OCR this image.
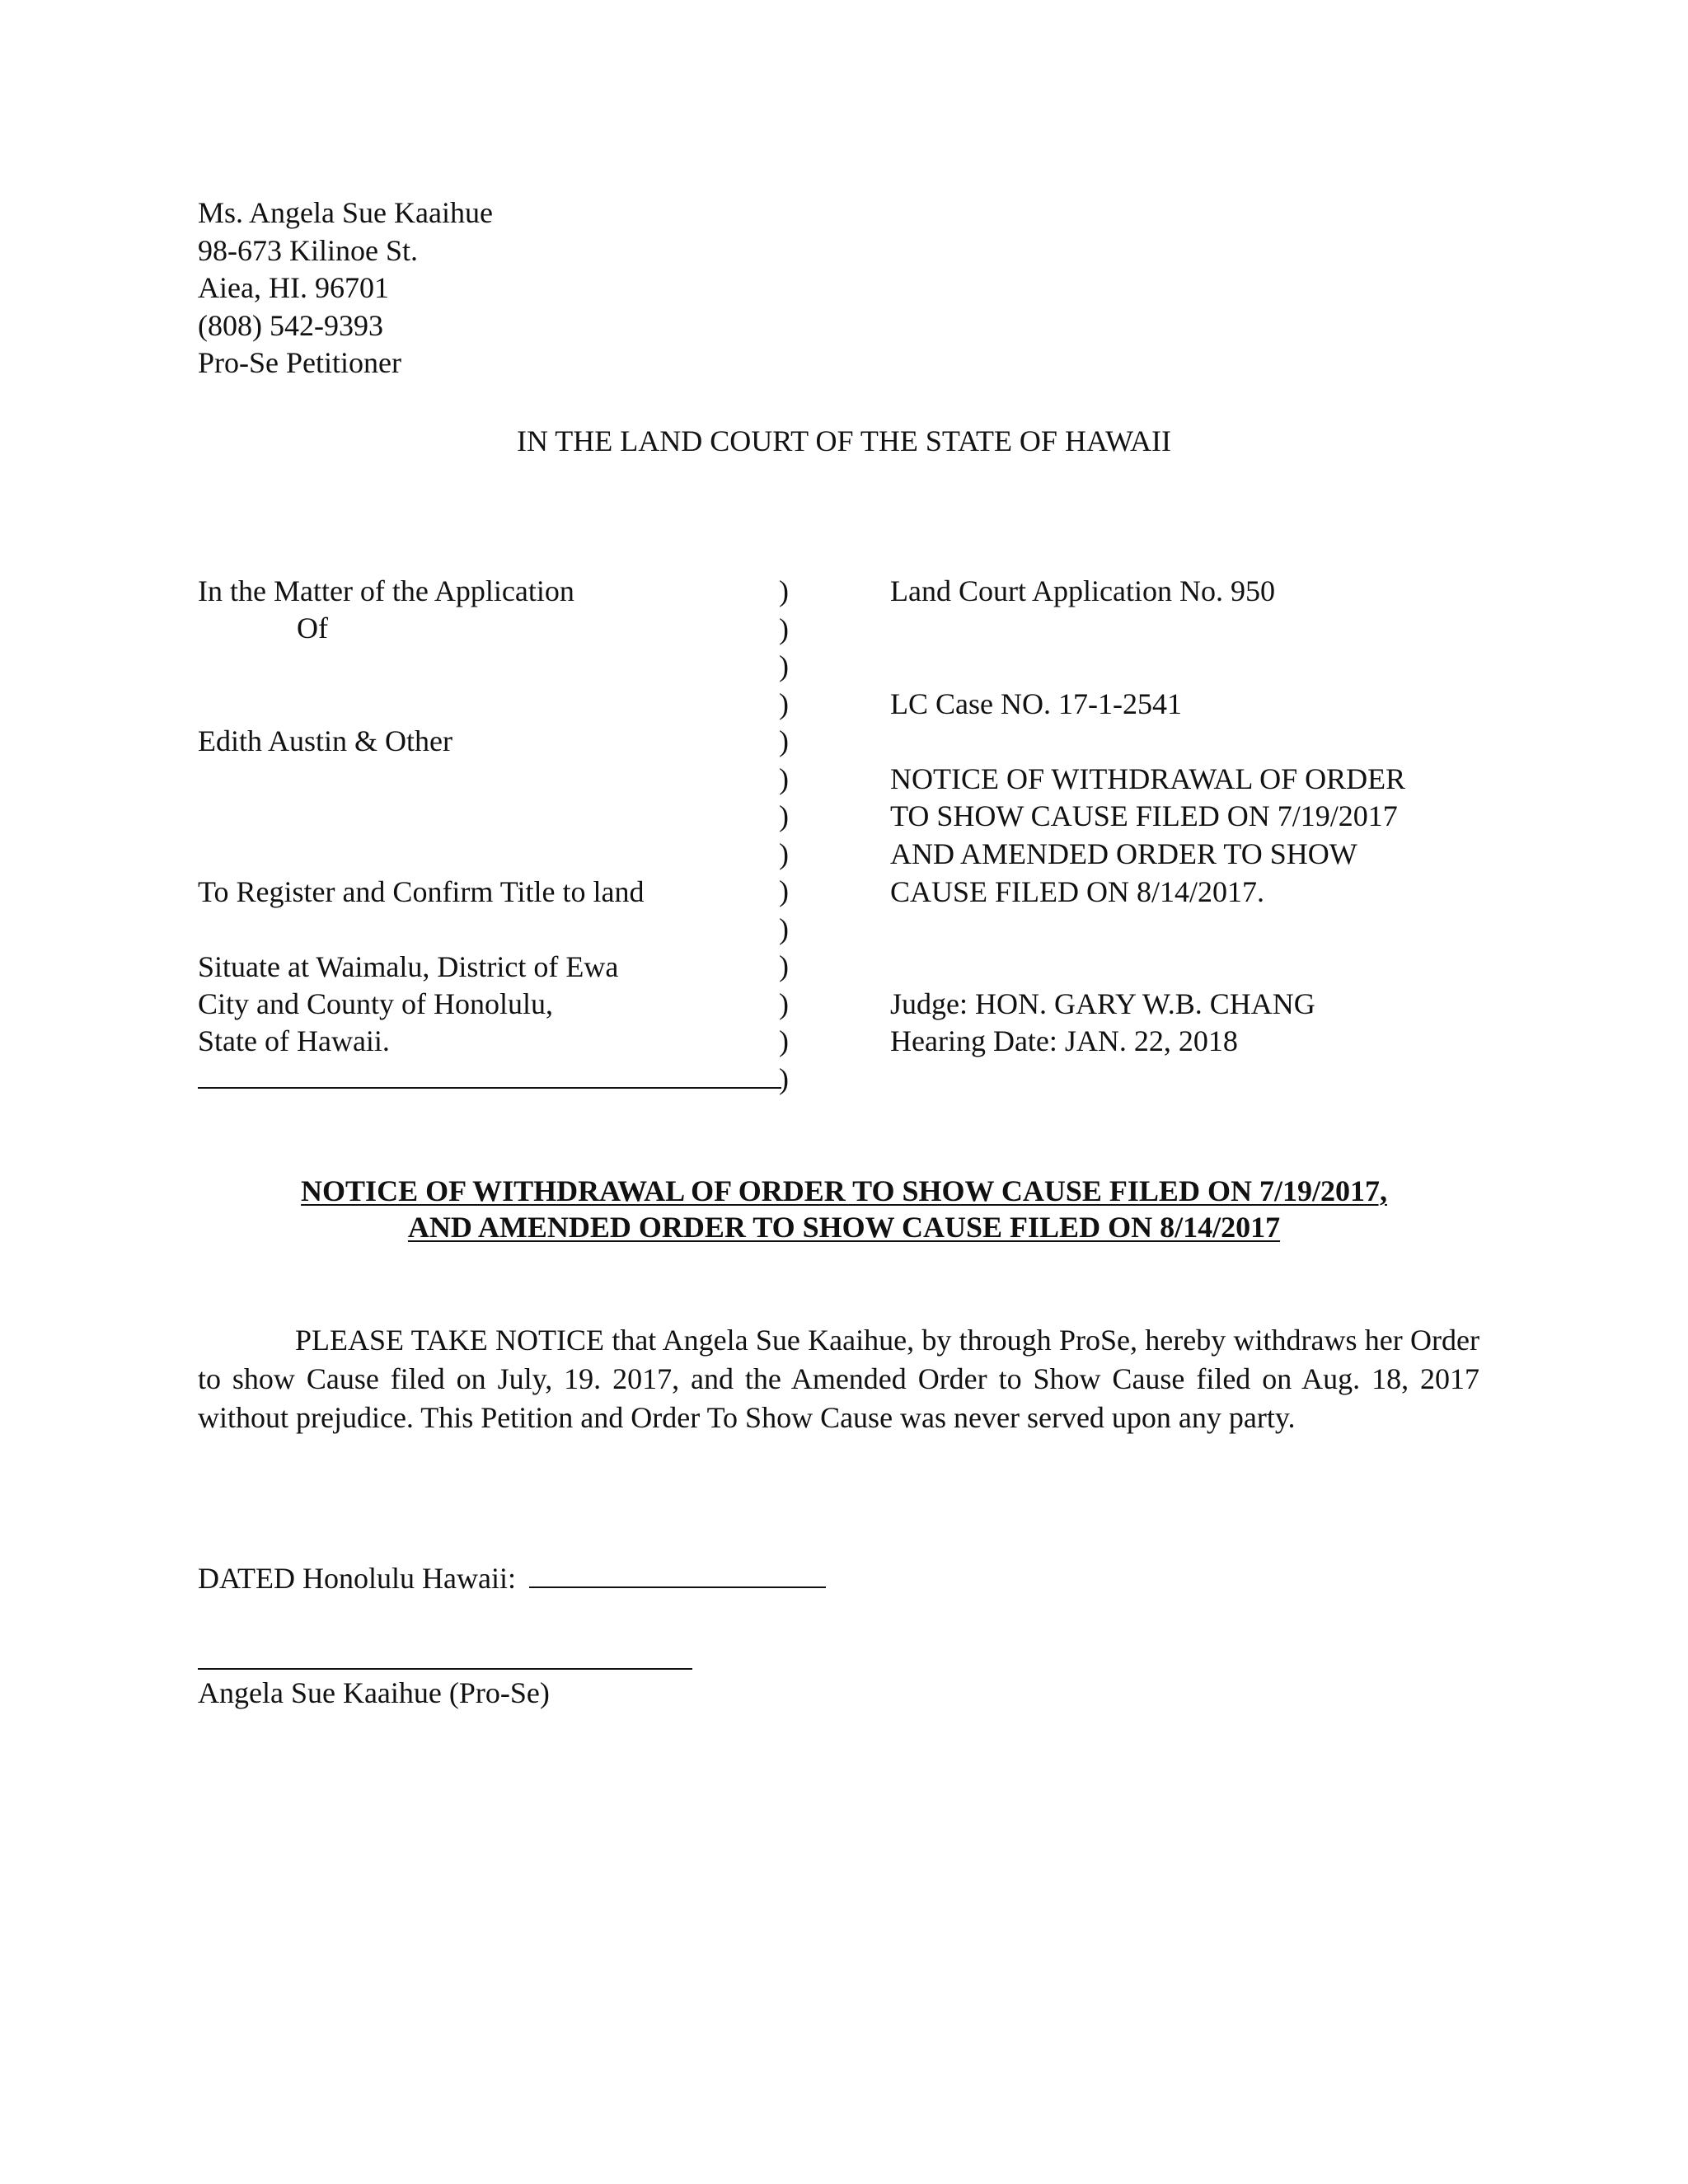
Ms. Angela Sue Kaaihue
98-673 Kilinoe St.
Aiea, HI. 96701
(808) 542-9393
Pro-Se Petitioner
IN THE LAND COURT OF THE STATE OF HAWAII
In the Matter of the Application
Of
Edith Austin & Other
To Register and Confirm Title to land
Situate at Waimalu, District of Ewa
City and County of Honolulu,
State of Hawaii.
)
)
)
)
)
)
)
)
)
)
)
)
)
)
Land Court Application No. 950
LC Case NO. 17-1-2541
NOTICE OF WITHDRAWAL OF ORDER
TO SHOW CAUSE FILED ON 7/19/2017
AND AMENDED ORDER TO SHOW
CAUSE FILED ON 8/14/2017.
Judge: HON. GARY W.B. CHANG
Hearing Date: JAN. 22, 2018
NOTICE OF WITHDRAWAL OF ORDER TO SHOW CAUSE FILED ON 7/19/2017,
AND AMENDED ORDER TO SHOW CAUSE FILED ON 8/14/2017
PLEASE TAKE NOTICE that Angela Sue Kaaihue, by through ProSe, hereby withdraws her Order to show Cause filed on July, 19. 2017, and the Amended Order to Show Cause filed on Aug. 18, 2017 without prejudice. This Petition and Order To Show Cause was never served upon any party.
DATED Honolulu Hawaii:
Angela Sue Kaaihue (Pro-Se)
